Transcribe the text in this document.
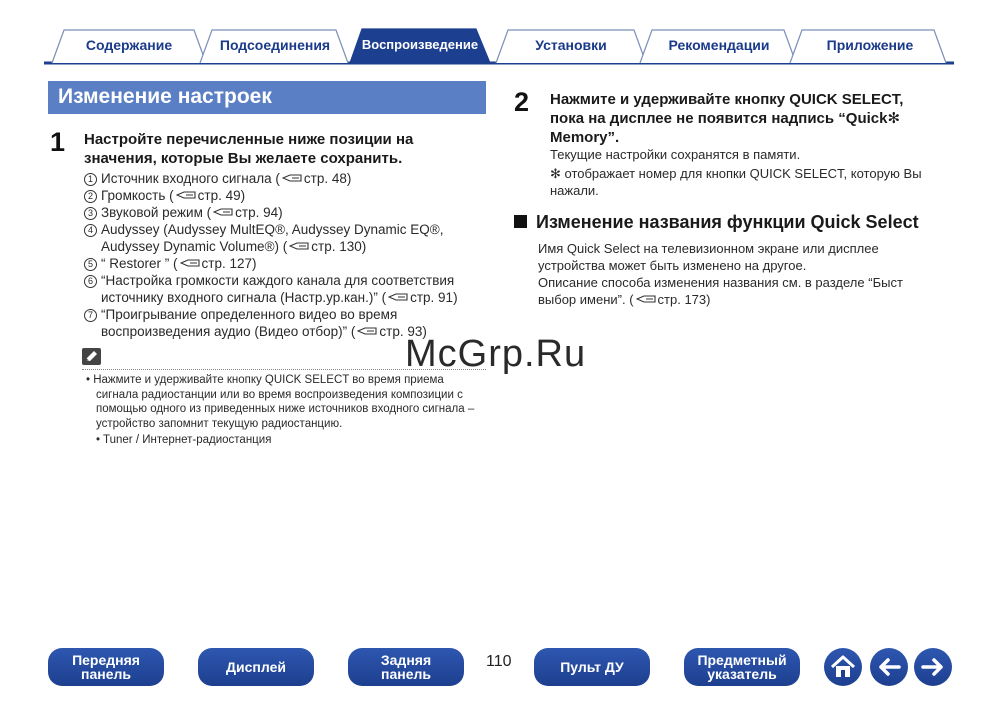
Содержание	Подсоединения	Воспроизведение	Установки	Рекомендации	Приложение
Изменение настроек
1 Настройте перечисленные ниже позиции на
значения, которые Вы желаете сохранить.
1 Источник входного сигнала ( стр. 48)
2 Громкость ( стр. 49)
3 Звуковой режим ( стр. 94)
4 Audyssey (Audyssey MultEQ®, Audyssey Dynamic EQ®,
Audyssey Dynamic Volume®) ( стр. 130)
5 “ Restorer ” ( стр. 127)
6 “Настройка громкости каждого канала для соответствия
источнику входного сигнала (Настр.ур.кан.)” ( стр. 91)
7 “Проигрывание определенного видео во время
воспроизведения аудио (Видео отбор)” ( стр. 93)
• Нажмите и удерживайте кнопку QUICK SELECT во время приема
сигнала радиостанции или во время воспроизведения композиции с
помощью одного из приведенных ниже источников входного сигнала –
устройство запомнит текущую радиостанцию.
• Tuner / Интернет-радиостанция
2 Нажмите и удерживайте кнопку QUICK SELECT,
пока на дисплее не появится надпись “Quick✻
Memory”.
Текущие настройки сохранятся в памяти.
✻ отображает номер для кнопки QUICK SELECT, которую Вы
нажали.
Изменение названия функции Quick Select
Имя Quick Select на телевизионном экране или дисплее
устройства может быть изменено на другое.
Описание способа изменения названия см. в разделе “Быст
выбор имени”. ( стр. 173)
McGrp.Ru
Передняя
панель	Дисплей	Задняя
панель
110	Пульт ДУ	Предметный
указатель
